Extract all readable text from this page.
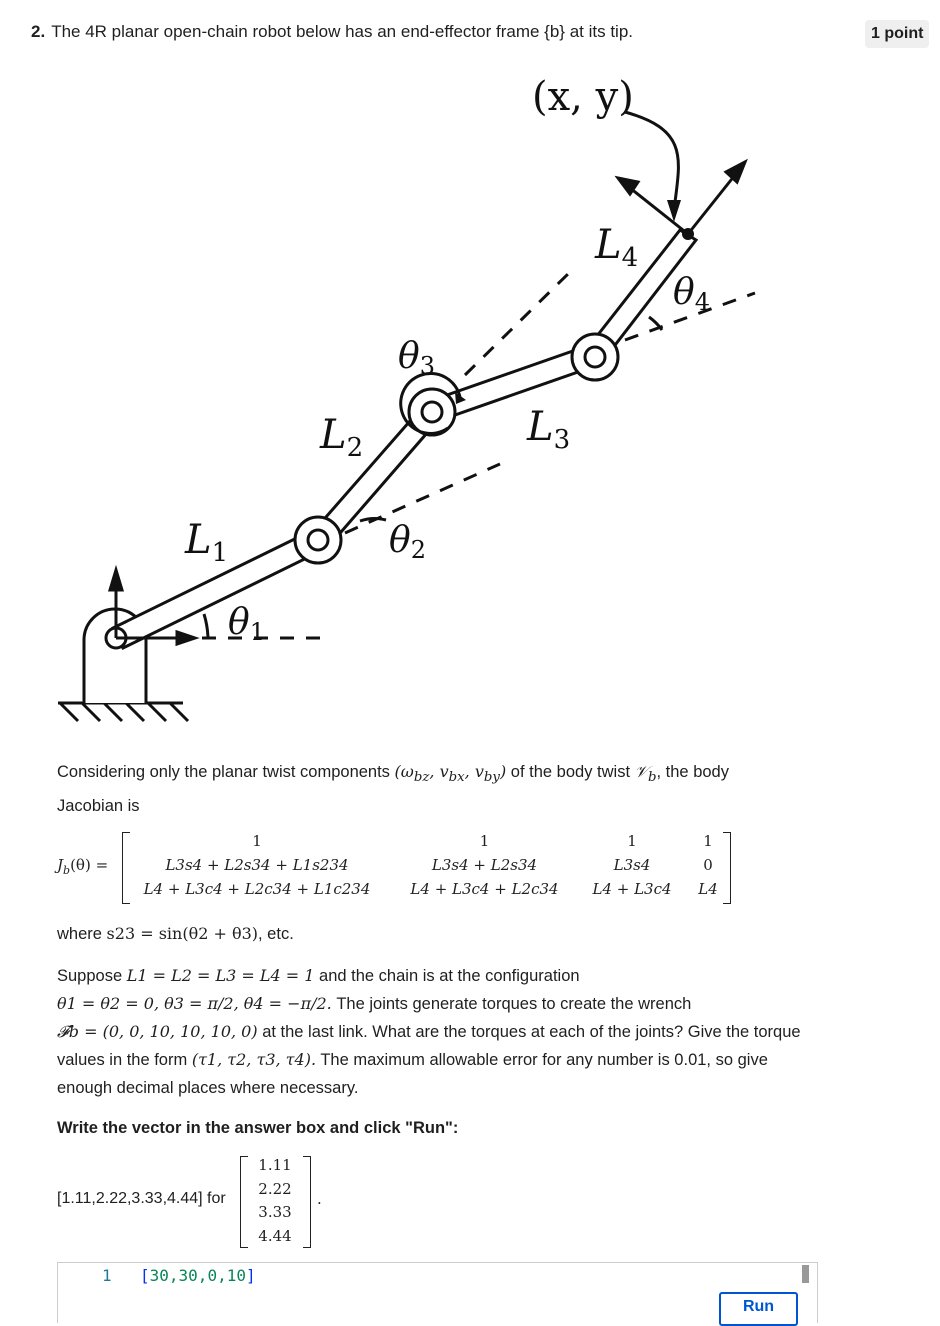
2. The 4R planar open-chain robot below has an end-effector frame {b} at its tip.	1 point
(x, y)
$L_1$
$L_2$	$L_3$
$L_4$
θ1
θ2
θ3
θ4
Considering only the planar twist components ($\omega_{bz}$, $v_{bx}$, $v_{by}$) of the body twist 𝒱$_b$, the body
Jacobian is
$J_b(\theta)$ =
1
L3s4 + L2s34 + L1s234
L4 + L3c4 + L2c34 + L1c234
1
L3s4 + L2s34
L4 + L3c4 + L2c34
1
L3s4
L4 + L3c4
1
0
L4
where s23 = sin(θ2 + θ3), etc.
Suppose L1 = L2 = L3 = L4 = 1 and the chain is at the configuration
θ1 = θ2 = 0, θ3 = π/2, θ4 = −π/2. The joints generate torques to create the wrench
𝓕b = (0, 0, 10, 10, 10, 0) at the last link. What are the torques at each of the joints? Give the torque
values in the form (τ1, τ2, τ3, τ4). The maximum allowable error for any number is 0.01, so give
enough decimal places where necessary.
Write the vector in the answer box and click "Run":
[1.11,2.22,3.33,4.44] for
1.11
2.22
3.33
4.44
.
1 [30,30,0,10]
Run
